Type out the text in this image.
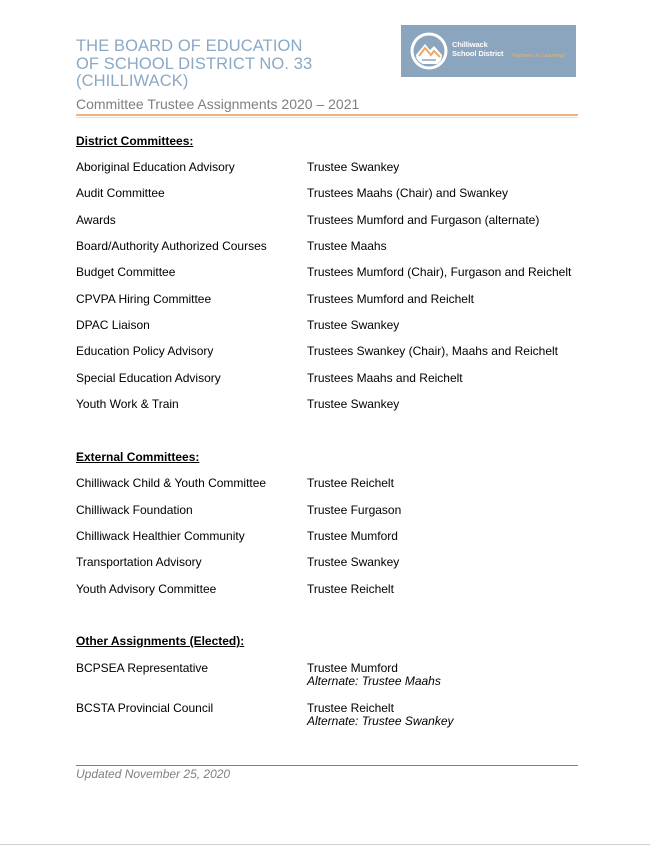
THE BOARD OF EDUCATION
OF SCHOOL DISTRICT NO. 33
(CHILLIWACK)
Committee Trustee Assignments 2020 – 2021
Chilliwack
School District Partners in Learning!
District Committees:
Aboriginal Education Advisory	Trustee Swankey
Audit Committee	Trustees Maahs (Chair) and Swankey
Awards	Trustees Mumford and Furgason (alternate)
Board/Authority Authorized Courses	Trustee Maahs
Budget Committee	Trustees Mumford (Chair), Furgason and Reichelt
CPVPA Hiring Committee	Trustees Mumford and Reichelt
DPAC Liaison	Trustee Swankey
Education Policy Advisory	Trustees Swankey (Chair), Maahs and Reichelt
Special Education Advisory	Trustees Maahs and Reichelt
Youth Work & Train	Trustee Swankey
External Committees:
Chilliwack Child & Youth Committee	Trustee Reichelt
Chilliwack Foundation	Trustee Furgason
Chilliwack Healthier Community	Trustee Mumford
Transportation Advisory	Trustee Swankey
Youth Advisory Committee	Trustee Reichelt
Other Assignments (Elected):
BCPSEA Representative	Trustee Mumford
Alternate: Trustee Maahs
BCSTA Provincial Council	Trustee Reichelt
Alternate: Trustee Swankey
Updated November 25, 2020
